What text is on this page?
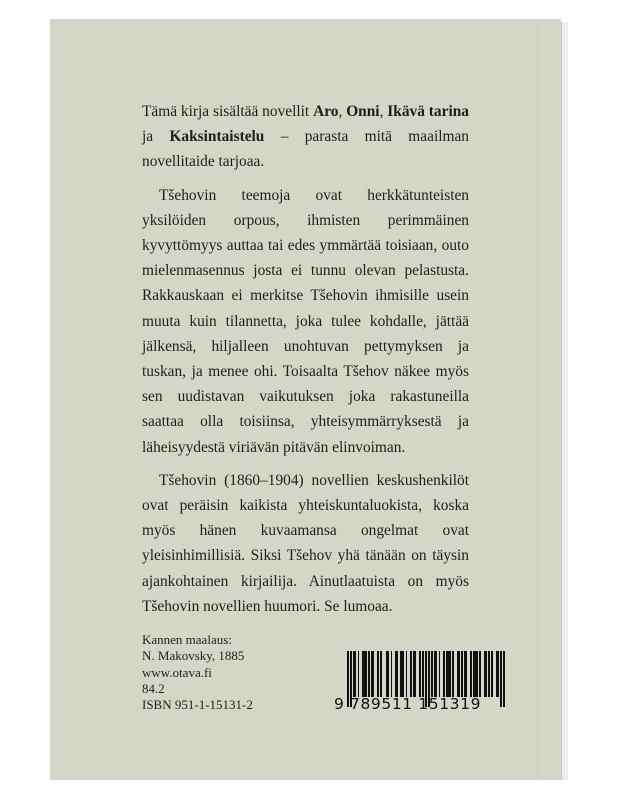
Tämä kirja sisältää novellit Aro, Onni, Ikävä tarina ja Kaksintaistelu – parasta mitä maailman novellitaide tarjoaa.

Tšehovin teemoja ovat herkkätunteisten yksilöiden orpous, ihmisten perimmäinen kyvyttömyys auttaa tai edes ymmärtää toisiaan, outo mielenmasennus josta ei tunnu olevan pelastusta. Rakkauskaan ei merkitse Tšehovin ihmisille usein muuta kuin tilannetta, joka tulee kohdalle, jättää jälkensä, hiljalleen unohtuvan pettymyksen ja tuskan, ja menee ohi. Toisaalta Tšehov näkee myös sen uudistavan vaikutuksen joka rakastuneilla saattaa olla toisiinsa, yhteisymmärryksestä ja läheisyydestä viriävän pitävän elinvoiman.

Tšehovin (1860–1904) novellien keskushenkilöt ovat peräisin kaikista yhteiskuntaluokista, koska myös hänen kuvaamansa ongelmat ovat yleisinhimillisiä. Siksi Tšehov yhä tänään on täysin ajankohtainen kirjailija. Ainutlaatuista on myös Tšehovin novellien huumori. Se lumoaa.

Kannen maalaus:
N. Makovsky, 1885
www.otava.fi
84.2
ISBN 951-1-15131-2	9 789511 151319
